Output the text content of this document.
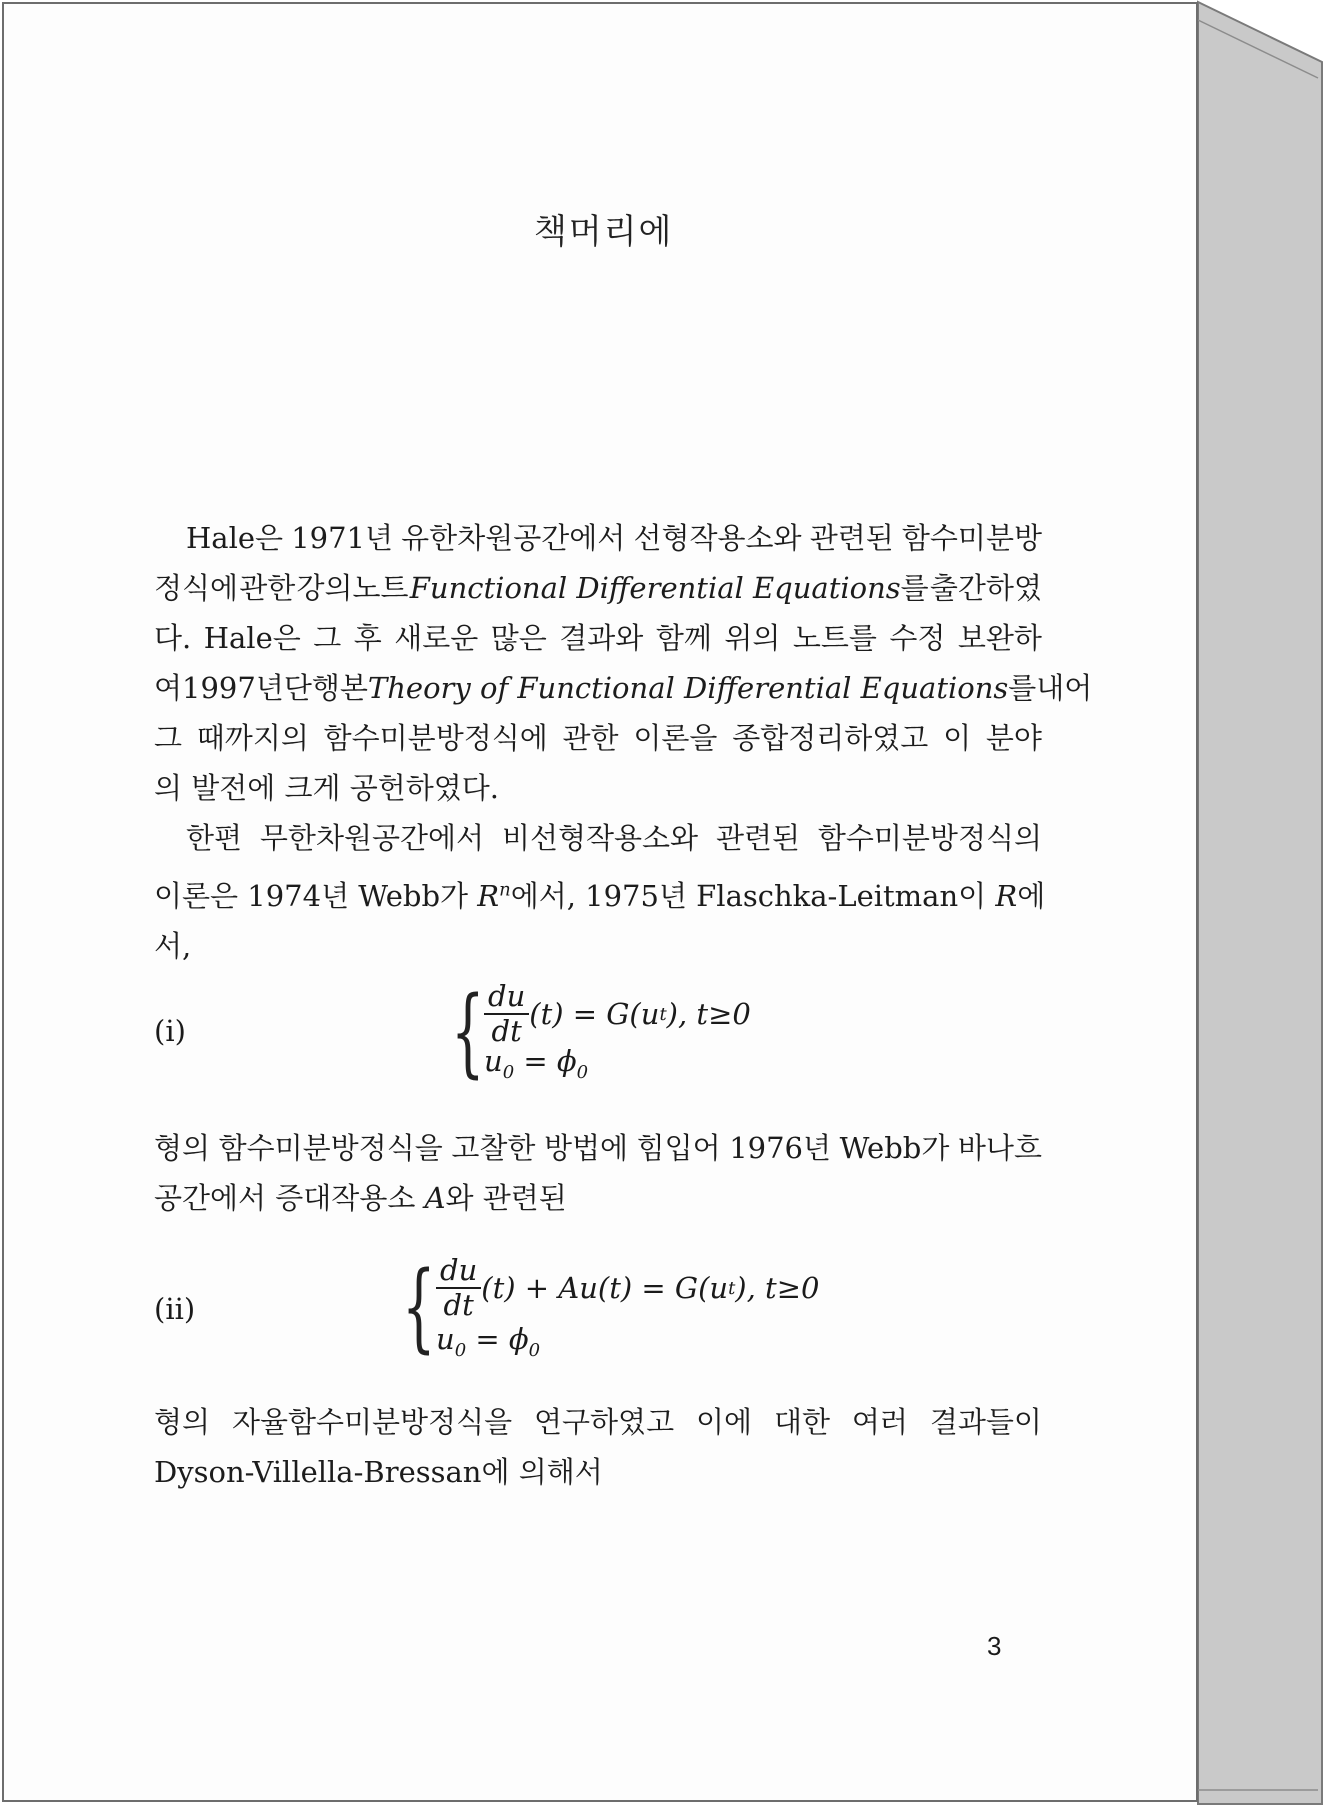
책머리에
Hale은 1971년 유한차원공간에서 선형작용소와 관련된 함수미분방
정식에 관한 강의노트 Functional Differential Equations를 출간하였
다. Hale은 그 후 새로운 많은 결과와 함께 위의 노트를 수정 보완하
여 1997년 단행본 Theory of Functional Differential Equations를 내어
그 때까지의 함수미분방정식에 관한 이론을 종합정리하였고 이 분야
의 발전에 크게 공헌하였다.
한편 무한차원공간에서 비선형작용소와 관련된 함수미분방정식의
이론은 1974년 Webb가 $R^n$에서, 1975년 Flaschka-Leitman이 R에
서,
(i)	{ $\frac{du}{dt} (t) = G(u$ t ), t≥0
$u_0 = \phi_0$
형의 함수미분방정식을 고찰한 방법에 힘입어 1976년 Webb가 바나흐
공간에서 증대작용소 A와 관련된
(ii) { $\frac{du}{dt} (t) + Au(t) = G(u$ t ), t≥0
$u_0 = \phi_0$
형의 자율함수미분방정식을 연구하였고 이에 대한 여러 결과들이
Dyson-Villella-Bressan에 의해서
3
